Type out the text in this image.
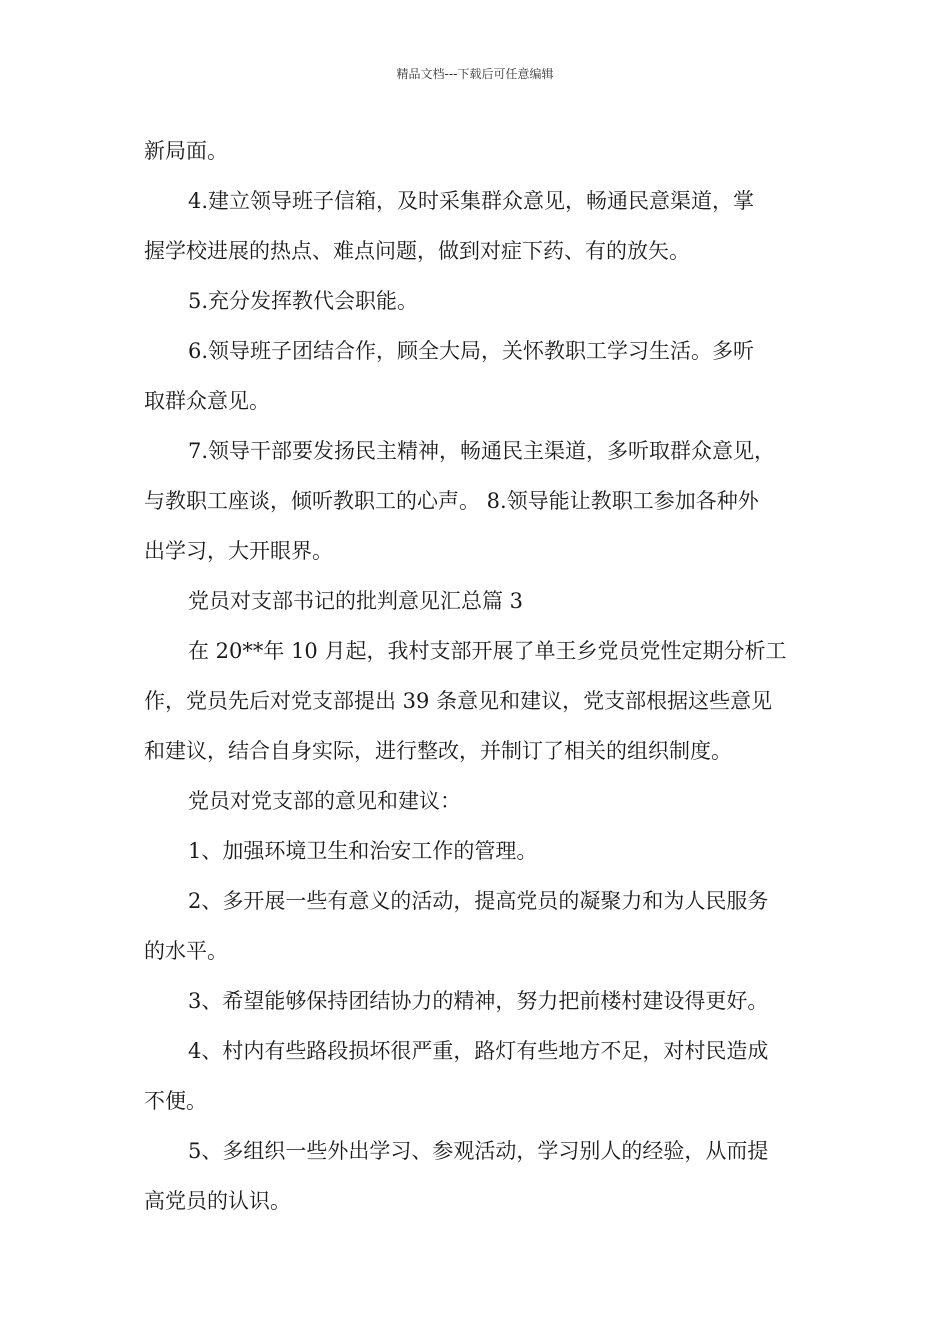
精品文档---下载后可任意编辑
新局面。
4.建立领导班子信箱，及时采集群众意见，畅通民意渠道，掌
握学校进展的热点、难点问题，做到对症下药、有的放矢。
5.充分发挥教代会职能。
6.领导班子团结合作，顾全大局，关怀教职工学习生活。多听
取群众意见。
7.领导干部要发扬民主精神，畅通民主渠道，多听取群众意见，
与教职工座谈，倾听教职工的心声。 8.领导能让教职工参加各种外
出学习，大开眼界。
党员对支部书记的批判意见汇总篇 3
在 20**年 10 月起，我村支部开展了单王乡党员党性定期分析工
作，党员先后对党支部提出 39 条意见和建议，党支部根据这些意见
和建议，结合自身实际，进行整改，并制订了相关的组织制度。
党员对党支部的意见和建议：
1、加强环境卫生和治安工作的管理。
2、多开展一些有意义的活动，提高党员的凝聚力和为人民服务
的水平。
3、希望能够保持团结协力的精神，努力把前楼村建设得更好。
4、村内有些路段损坏很严重，路灯有些地方不足，对村民造成
不便。
5、多组织一些外出学习、参观活动，学习别人的经验，从而提
高党员的认识。
